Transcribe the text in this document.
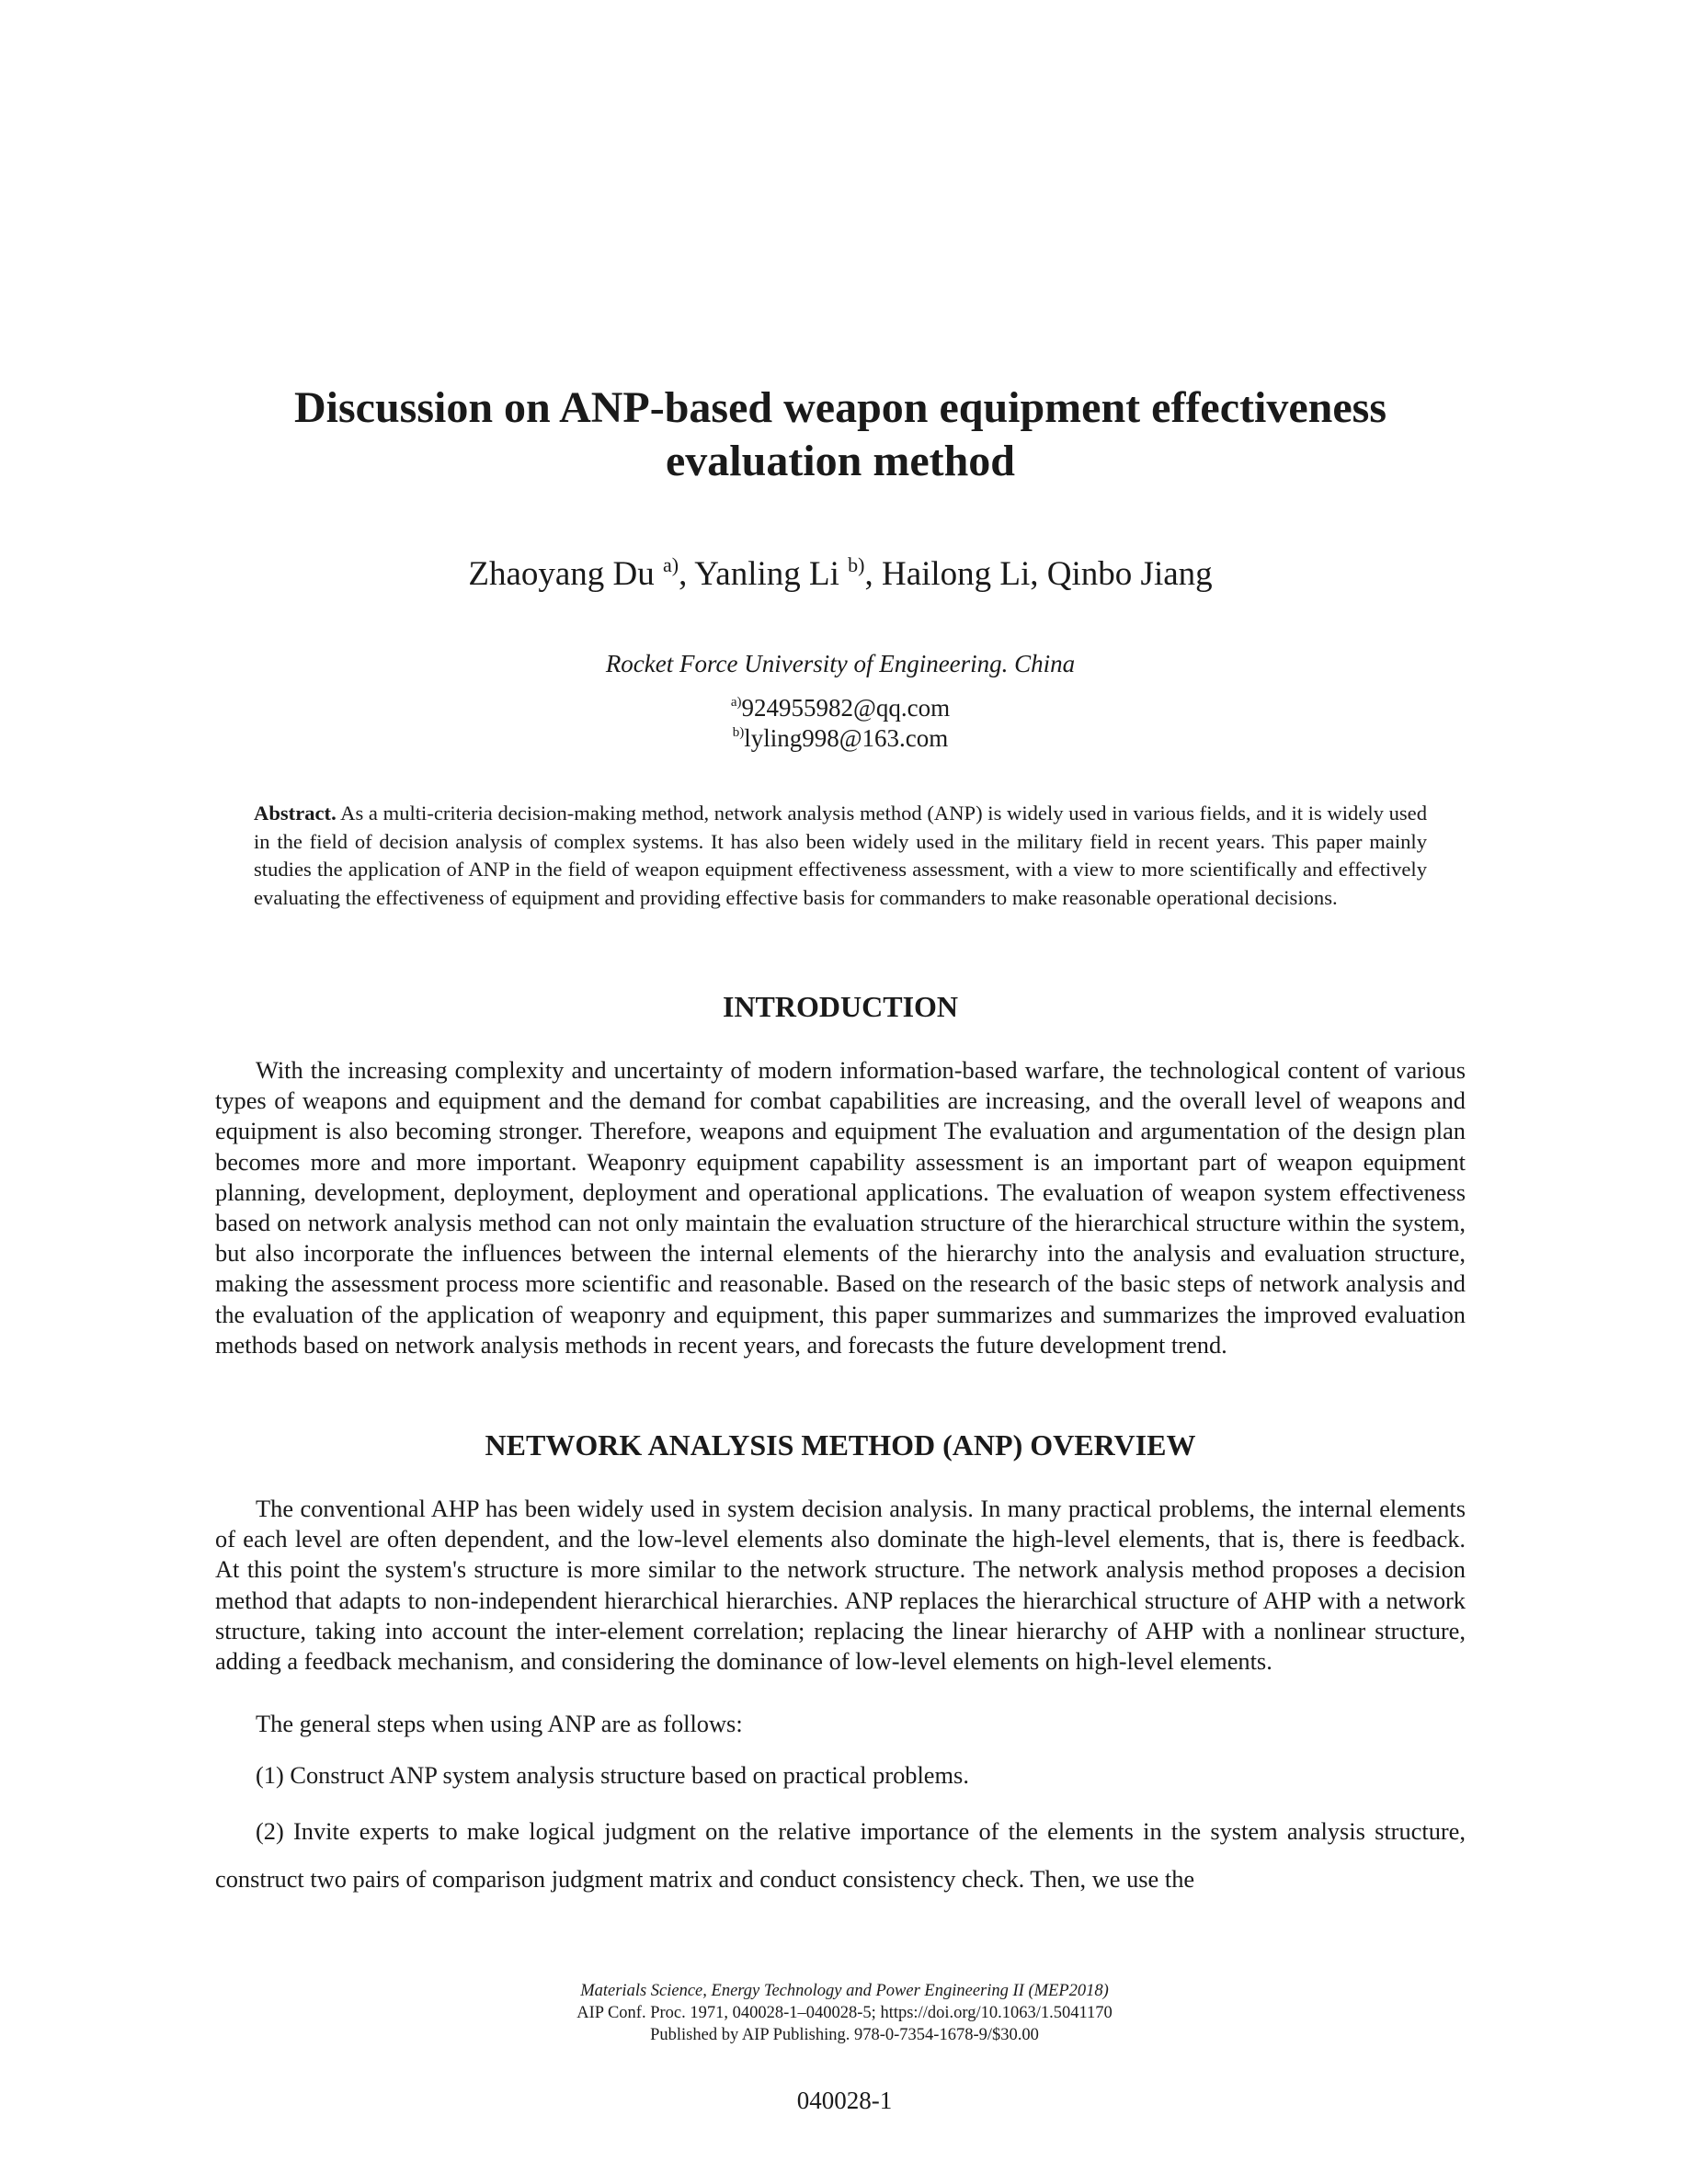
Discussion on ANP-based weapon equipment effectiveness
evaluation method
Zhaoyang Du $^{a)}$, Yanling Li $^{b)}$, Hailong Li, Qinbo Jiang
Rocket Force University of Engineering. China
$^{a)}$924955982@qq.com
$^{b)}$lyling998@163.com

Abstract. As a multi-criteria decision-making method, network analysis method (ANP) is widely used in various fields, and it is widely used in the field of decision analysis of complex systems. It has also been widely used in the military field in recent years. This paper mainly studies the application of ANP in the field of weapon equipment effectiveness assessment, with a view to more scientifically and effectively evaluating the effectiveness of equipment and providing effective basis for commanders to make reasonable operational decisions.

INTRODUCTION

With the increasing complexity and uncertainty of modern information-based warfare, the technological content of various types of weapons and equipment and the demand for combat capabilities are increasing, and the overall level of weapons and equipment is also becoming stronger. Therefore, weapons and equipment The evaluation and argumentation of the design plan becomes more and more important. Weaponry equipment capability assessment is an important part of weapon equipment planning, development, deployment, deployment and operational applications. The evaluation of weapon system effectiveness based on network analysis method can not only maintain the evaluation structure of the hierarchical structure within the system, but also incorporate the influences between the internal elements of the hierarchy into the analysis and evaluation structure, making the assessment process more scientific and reasonable. Based on the research of the basic steps of network analysis and the evaluation of the application of weaponry and equipment, this paper summarizes and summarizes the improved evaluation methods based on network analysis methods in recent years, and forecasts the future development trend.

NETWORK ANALYSIS METHOD (ANP) OVERVIEW

The conventional AHP has been widely used in system decision analysis. In many practical problems, the internal elements of each level are often dependent, and the low-level elements also dominate the high-level elements, that is, there is feedback. At this point the system's structure is more similar to the network structure. The network analysis method proposes a decision method that adapts to non-independent hierarchical hierarchies. ANP replaces the hierarchical structure of AHP with a network structure, taking into account the inter-element correlation; replacing the linear hierarchy of AHP with a nonlinear structure, adding a feedback mechanism, and considering the dominance of low-level elements on high-level elements.

The general steps when using ANP are as follows:

(1) Construct ANP system analysis structure based on practical problems.

(2) Invite experts to make logical judgment on the relative importance of the elements in the system analysis structure, construct two pairs of comparison judgment matrix and conduct consistency check. Then, we use the

Materials Science, Energy Technology and Power Engineering II (MEP2018)
AIP Conf. Proc. 1971, 040028-1–040028-5; https://doi.org/10.1063/1.5041170
Published by AIP Publishing. 978-0-7354-1678-9/$30.00
040028-1
